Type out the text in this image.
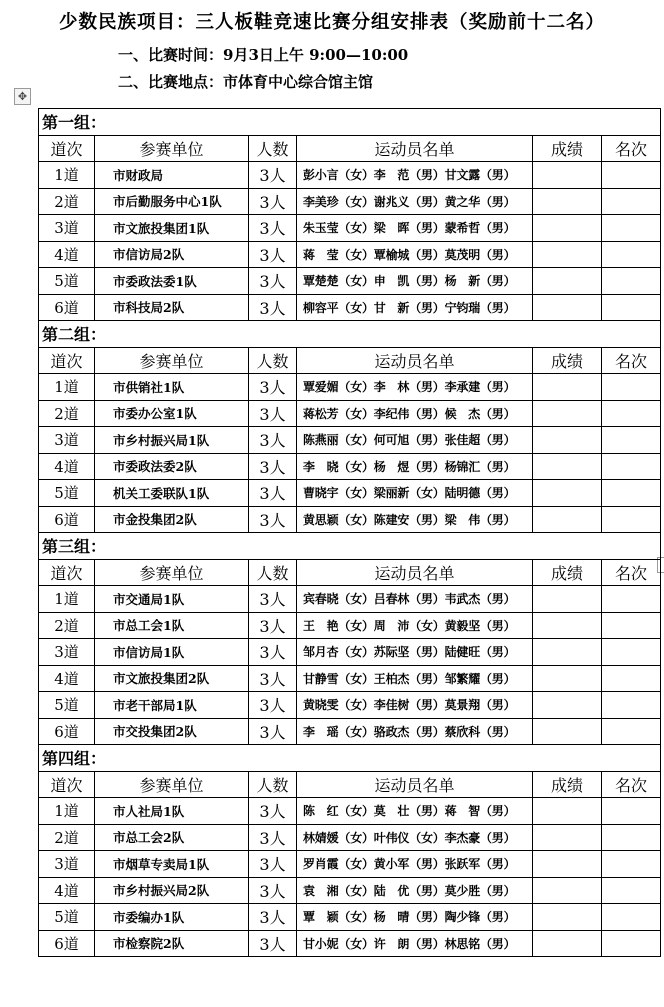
少数民族项目：三人板鞋竞速比赛分组安排表（奖励前十二名）
一、比赛时间：9月3日上午 9:00—10:00
二、比赛地点：市体育中心综合馆主馆
✥
第一组：					
道次	参赛单位	人数	运动员名单	成绩	名次
1道	市财政局	3人	彭小言（女）李　范（男）甘文露（男）		
2道	市后勤服务中心1队	3人	李美珍（女）谢兆义（男）黄之华（男）		
3道	市文旅投集团1队	3人	朱玉莹（女）梁　晖（男）蒙希哲（男）		
4道	市信访局2队	3人	蒋　莹（女）覃榆城（男）莫茂明（男）		
5道	市委政法委1队	3人	覃楚楚（女）申　凯（男）杨　新（男）		
6道	市科技局2队	3人	柳容平（女）甘　新（男）宁钧瑞（男）		
第二组：					
道次	参赛单位	人数	运动员名单	成绩	名次
1道	市供销社1队	3人	覃爱媚（女）李　林（男）李承建（男）		
2道	市委办公室1队	3人	蒋松芳（女）李纪伟（男）候　杰（男）		
3道	市乡村振兴局1队	3人	陈燕丽（女）何可旭（男）张佳超（男）		
4道	市委政法委2队	3人	李　晓（女）杨　煜（男）杨锦汇（男）		
5道	机关工委联队1队	3人	曹晓宇（女）梁丽新（女）陆明德（男）		
6道	市金投集团2队	3人	黄思颖（女）陈建安（男）梁　伟（男）		
第三组：					
道次	参赛单位	人数	运动员名单	成绩	名次
1道	市交通局1队	3人	宾春晓（女）吕春林（男）韦武杰（男）		
2道	市总工会1队	3人	王　艳（女）周　沛（女）黄毅坚（男）		
3道	市信访局1队	3人	邹月杏（女）苏际坚（男）陆健旺（男）		
4道	市文旅投集团2队	3人	甘静雪（女）王柏杰（男）邹繁耀（男）		
5道	市老干部局1队	3人	黄晓雯（女）李佳树（男）莫景翔（男）		
6道	市交投集团2队	3人	李　瑶（女）骆政杰（男）蔡欣科（男）		
第四组：					
道次	参赛单位	人数	运动员名单	成绩	名次
1道	市人社局1队	3人	陈　红（女）莫　壮（男）蒋　智（男）		
2道	市总工会2队	3人	林婧媛（女）叶伟仪（女）李杰豪（男）		
3道	市烟草专卖局1队	3人	罗肖霞（女）黄小军（男）张跃军（男）		
4道	市乡村振兴局2队	3人	袁　湘（女）陆　优（男）莫少胜（男）		
5道	市委编办1队	3人	覃　颖（女）杨　晴（男）陶少锋（男）		
6道	市检察院2队	3人	甘小妮（女）许　朗（男）林思铭（男）		
